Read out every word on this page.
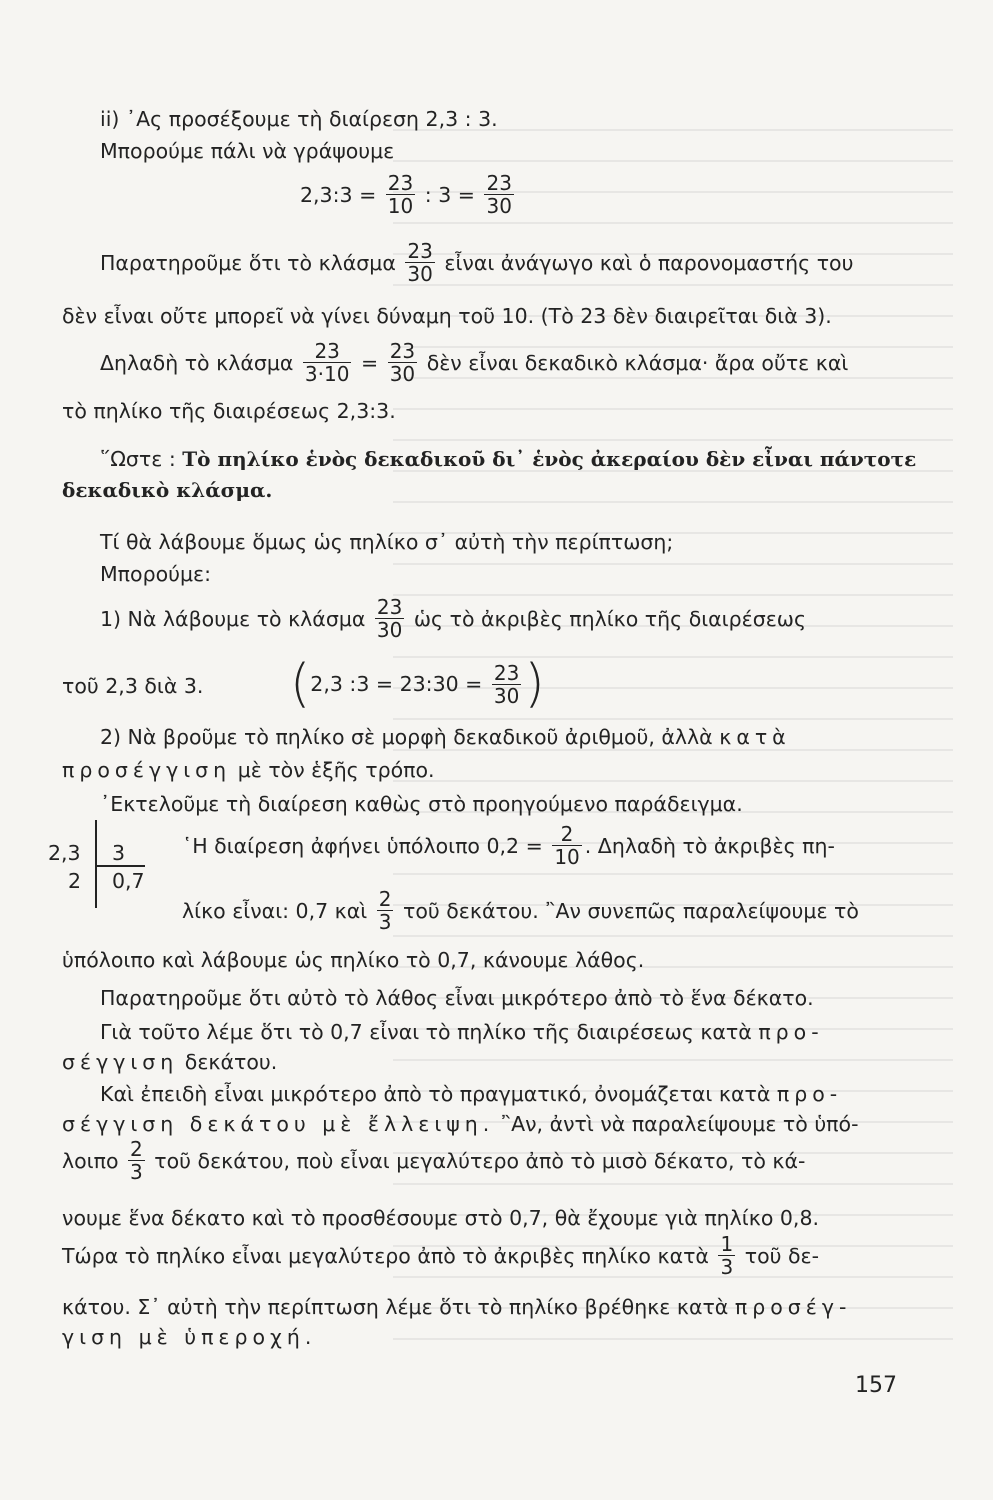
ii) ᾿Ας προσέξουμε τὴ διαίρεση 2,3 : 3.
Μπορούμε πάλι νὰ γράψουμε
2,3:3 = $\frac{23}{10}$ : $3 = \frac{23}{30}$
Παρατηροῦμε ὅτι τὸ κλάσμα $\frac{23}{30}$ εἶναι ἀνάγωγο καὶ ὁ παρονομαστής του
δὲν εἶναι οὔτε μπορεῖ νὰ γίνει δύναμη τοῦ 10. (Τὸ 23 δὲν διαιρεῖται διὰ 3).
Δηλαδὴ τὸ κλάσμα $\frac{23}{3\cdot 10} = \frac{23}{30}$ δὲν εἶναι δεκαδικὸ κλάσμα· ἄρα οὔτε καὶ
τὸ πηλίκο τῆς διαιρέσεως 2,3:3.
῞Ωστε : Τὸ πηλίκο ἑνὸς δεκαδικοῦ δι᾿ ἑνὸς ἀκεραίου δὲν εἶναι πάντοτε
δεκαδικὸ κλάσμα.
Τί θὰ λάβουμε ὅμως ὡς πηλίκο σ᾿ αὐτὴ τὴν περίπτωση;
Μπορούμε:
1) Νὰ λάβουμε τὸ κλάσμα $\frac{23}{30}$ ὡς τὸ ἀκριβὲς πηλίκο τῆς διαιρέσεως
τοῦ 2,3 διὰ 3. (2,3 :3 = 23:30 = $\frac{23}{30}$ )
2) Νὰ βροῦμε τὸ πηλίκο σὲ μορφὴ δεκαδικοῦ ἀριθμοῦ, ἀλλὰ κατὰ
προσέγγιση μὲ τὸν ἑξῆς τρόπο.
᾿Εκτελοῦμε τὴ διαίρεση καθὼς στὸ προηγούμενο παράδειγμα.
2,3 3
2 0,7
῾Η διαίρεση ἀφήνει ὑπόλοιπο $0,2 = \frac{2}{10}$ . Δηλαδὴ τὸ ἀκριβὲς πη-
λίκο εἶναι: 0,7 καὶ $\frac{2}{3}$ τοῦ δεκάτου. ῍Αν συνεπῶς παραλείψουμε τὸ
ὑπόλοιπο καὶ λάβουμε ὡς πηλίκο τὸ 0,7, κάνουμε λάθος.
Παρατηροῦμε ὅτι αὐτὸ τὸ λάθος εἶναι μικρότερο ἀπὸ τὸ ἕνα δέκατο.
Γιὰ τοῦτο λέμε ὅτι τὸ 0,7 εἶναι τὸ πηλίκο τῆς διαιρέσεως κατὰ προ-
σέγγιση δεκάτου.
Καὶ ἐπειδὴ εἶναι μικρότερο ἀπὸ τὸ πραγματικό, ὀνομάζεται κατὰ προ-
σέγγιση δεκάτου μὲ ἔλλειψη. ῍Αν, ἀντὶ νὰ παραλείψουμε τὸ ὑπό-
λοιπο $\frac{2}{3}$ τοῦ δεκάτου, ποὺ εἶναι μεγαλύτερο ἀπὸ τὸ μισὸ δέκατο, τὸ κά-
νουμε ἕνα δέκατο καὶ τὸ προσθέσουμε στὸ 0,7, θὰ ἔχουμε γιὰ πηλίκο 0,8.
Τώρα τὸ πηλίκο εἶναι μεγαλύτερο ἀπὸ τὸ ἀκριβὲς πηλίκο κατὰ $\frac{1}{3}$ τοῦ δε-
κάτου. Σ᾿ αὐτὴ τὴν περίπτωση λέμε ὅτι τὸ πηλίκο βρέθηκε κατὰ προσέγ-
γιση μὲ ὑπεροχή.
157
